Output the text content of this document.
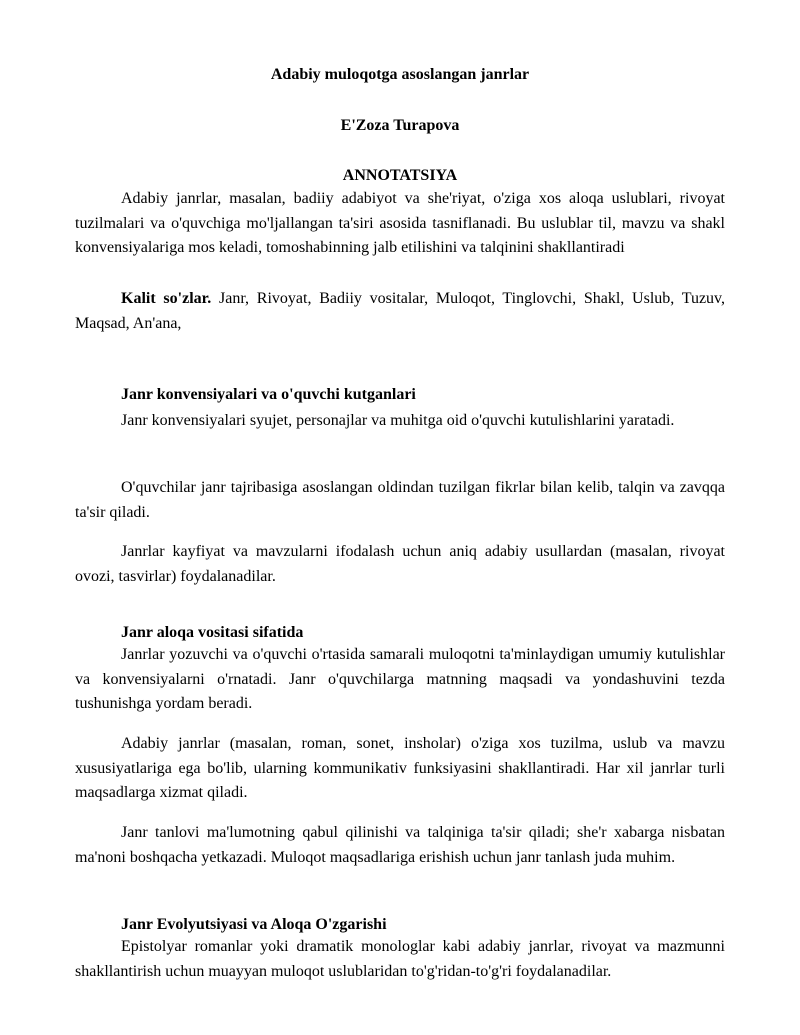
Adabiy muloqotga asoslangan janrlar
E'Zoza Turapova
ANNOTATSIYA

Adabiy janrlar, masalan, badiiy adabiyot va she'riyat, o'ziga xos aloqa uslublari, rivoyat tuzilmalari va o'quvchiga mo'ljallangan ta'siri asosida tasniflanadi. Bu uslublar til, mavzu va shakl konvensiyalariga mos keladi, tomoshabinning jalb etilishini va talqinini shakllantiradi

Kalit so'zlar. Janr, Rivoyat, Badiiy vositalar, Muloqot, Tinglovchi, Shakl, Uslub, Tuzuv, Maqsad, An'ana,

Janr konvensiyalari va o'quvchi kutganlari

Janr konvensiyalari syujet, personajlar va muhitga oid o'quvchi kutulishlarini yaratadi.

O'quvchilar janr tajribasiga asoslangan oldindan tuzilgan fikrlar bilan kelib, talqin va zavqqa ta'sir qiladi.

Janrlar kayfiyat va mavzularni ifodalash uchun aniq adabiy usullardan (masalan, rivoyat ovozi, tasvirlar) foydalanadilar.

Janr aloqa vositasi sifatida

Janrlar yozuvchi va o'quvchi o'rtasida samarali muloqotni ta'minlaydigan umumiy kutulishlar va konvensiyalarni o'rnatadi. Janr o'quvchilarga matnning maqsadi va yondashuvini tezda tushunishga yordam beradi.

Adabiy janrlar (masalan, roman, sonet, insholar) o'ziga xos tuzilma, uslub va mavzu xususiyatlariga ega bo'lib, ularning kommunikativ funksiyasini shakllantiradi. Har xil janrlar turli maqsadlarga xizmat qiladi.

Janr tanlovi ma'lumotning qabul qilinishi va talqiniga ta'sir qiladi; she'r xabarga nisbatan ma'noni boshqacha yetkazadi. Muloqot maqsadlariga erishish uchun janr tanlash juda muhim.

Janr Evolyutsiyasi va Aloqa O'zgarishi

Epistolyar romanlar yoki dramatik monologlar kabi adabiy janrlar, rivoyat va mazmunni shakllantirish uchun muayyan muloqot uslublaridan to'g'ridan-to'g'ri foydalanadilar.
